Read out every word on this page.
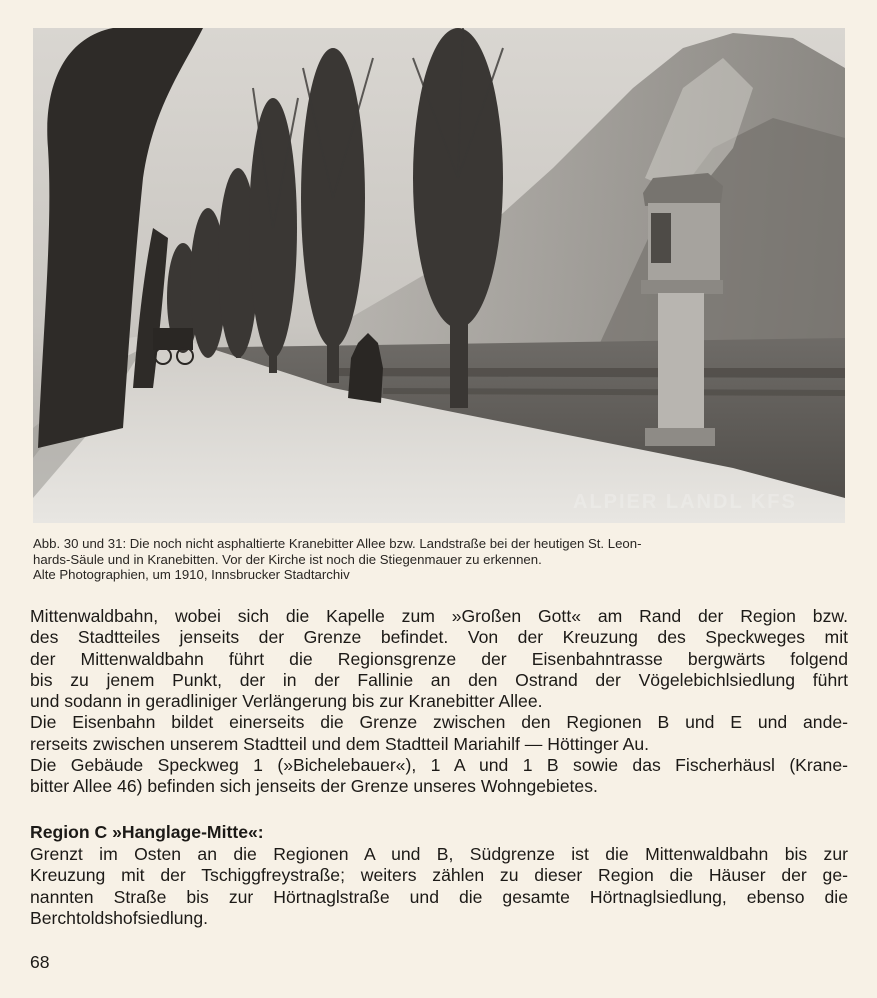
ALPIER LANDL KFS
Abb. 30 und 31: Die noch nicht asphaltierte Kranebitter Allee bzw. Landstraße bei der heutigen St. Leon-
hards-Säule und in Kranebitten. Vor der Kirche ist noch die Stiegenmauer zu erkennen.
Alte Photographien, um 1910, Innsbrucker Stadtarchiv
Mittenwaldbahn, wobei sich die Kapelle zum »Großen Gott« am Rand der Region bzw.
des Stadtteiles jenseits der Grenze befindet. Von der Kreuzung des Speckweges mit
der Mittenwaldbahn führt die Regionsgrenze der Eisenbahntrasse bergwärts folgend
bis zu jenem Punkt, der in der Fallinie an den Ostrand der Vögelebichlsiedlung führt
und sodann in geradliniger Verlängerung bis zur Kranebitter Allee.
Die Eisenbahn bildet einerseits die Grenze zwischen den Regionen B und E und ande-
rerseits zwischen unserem Stadtteil und dem Stadtteil Mariahilf — Höttinger Au.
Die Gebäude Speckweg 1 (»Bichelebauer«), 1 A und 1 B sowie das Fischerhäusl (Krane-
bitter Allee 46) befinden sich jenseits der Grenze unseres Wohngebietes.
Region C »Hanglage-Mitte«:
Grenzt im Osten an die Regionen A und B, Südgrenze ist die Mittenwaldbahn bis zur
Kreuzung mit der Tschiggfreystraße; weiters zählen zu dieser Region die Häuser der ge-
nannten Straße bis zur Hörtnaglstraße und die gesamte Hörtnaglsiedlung, ebenso die
Berchtoldshofsiedlung.
68
